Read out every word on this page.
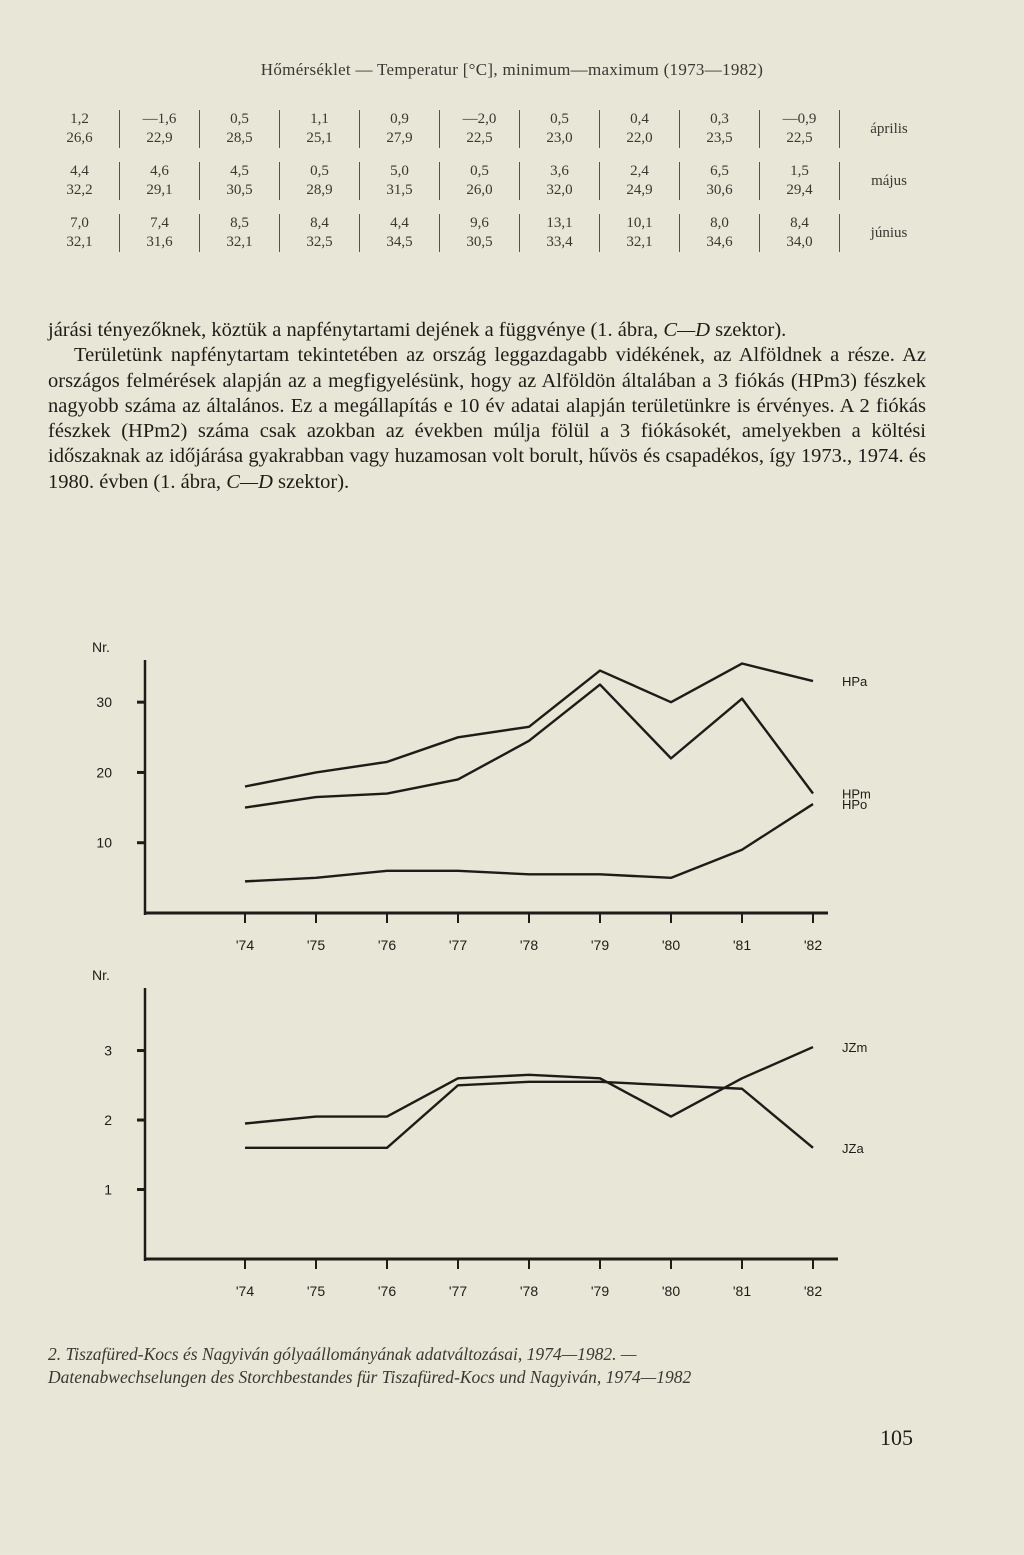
Hőmérséklet — Temperatur [°C], minimum—maximum (1973—1982)
1,2	—1,6	0,5	1,1	0,9	—2,0	0,5	0,4	0,3	—0,9	április
26,6	22,9	28,5	25,1	27,9	22,5	23,0	22,0	23,5	22,5	

4,4	4,6	4,5	0,5	5,0	0,5	3,6	2,4	6,5	1,5	május
32,2	29,1	30,5	28,9	31,5	26,0	32,0	24,9	30,6	29,4	

7,0	7,4	8,5	8,4	4,4	9,6	13,1	10,1	8,0	8,4	június
32,1	31,6	32,1	32,5	34,5	30,5	33,4	32,1	34,6	34,0	

járási tényezőknek, köztük a napfénytartami dejének a függvénye (1. ábra, C—D szektor).

Területünk napfénytartam tekintetében az ország leggazdagabb vidékének, az Alföldnek a része. Az országos felmérések alapján az a megfigyelésünk, hogy az Alföldön általában a 3 fiókás (HPm3) fészkek nagyobb száma az általános. Ez a megállapítás e 10 év adatai alapján területünkre is érvényes. A 2 fiókás fészkek (HPm2) száma csak azokban az években múlja fölül a 3 fiókásokét, amelyekben a költési időszaknak az időjárása gyakrabban vagy huzamosan volt borult, hűvös és csapadékos, így 1973., 1974. és 1980. évben (1. ábra, C—D szektor).

Nr.
10
20
30
'74	'75	'76	'77	'78	'79	'80	'81	'82
HPa
HPm
HPo
Nr.
1
2
3
'74	'75	'76	'77	'78	'79	'80	'81	'82
JZm
JZa
2. Tiszafüred-Kocs és Nagyiván gólyaállományának adatváltozásai, 1974—1982. —
Datenabwechselungen des Storchbestandes für Tiszafüred-Kocs und Nagyiván, 1974—1982
105
